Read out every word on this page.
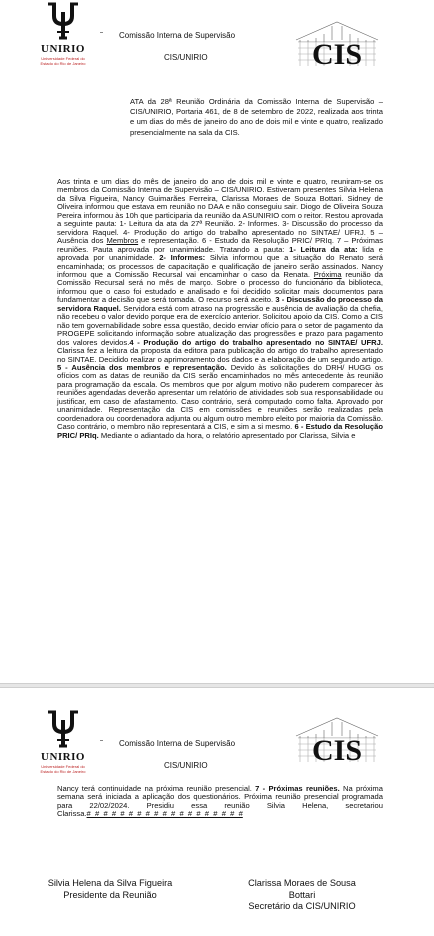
UNIRIO
Universidade Federal do
Estado do Rio de Janeiro
Comissão Interna de Supervisão
CIS/UNIRIO	CIS

ATA da 28ª Reunião Ordinária da Comissão Interna de Supervisão – CIS/UNIRIO, Portaria 461, de 8 de setembro de 2022, realizada aos trinta e um dias do mês de janeiro do ano de dois mil e vinte e quatro, realizado presencialmente na sala da CIS.

Aos trinta e um dias do mês de janeiro do ano de dois mil e vinte e quatro, reuniram-se os membros da Comissão Interna de Supervisão – CIS/UNIRIO. Estiveram presentes Silvia Helena da Silva Figueira, Nancy Guimarães Ferreira, Clarissa Moraes de Souza Bottari. Sidney de Oliveira informou que estava em reunião no DAA e não conseguiu sair. Diogo de Oliveira Souza Pereira informou às 10h que participaria da reunião da ASUNIRIO com o reitor. Restou aprovada a seguinte pauta: 1- Leitura da ata da 27ª Reunião. 2- Informes. 3- Discussão do processo da servidora Raquel. 4- Produção do artigo do trabalho apresentado no SINTAE/ UFRJ. 5 – Ausência dos Membros e representação. 6 - Estudo da Resolução PRIC/ PRIq. 7 – Próximas reuniões. Pauta aprovada por unanimidade. Tratando a pauta: 1- Leitura da ata: lida e aprovada por unanimidade. 2- Informes: Silvia informou que a situação do Renato será encaminhada; os processos de capacitação e qualificação de janeiro serão assinados. Nancy informou que a Comissão Recursal vai encaminhar o caso da Renata. Próxima reunião da Comissão Recursal será no mês de março. Sobre o processo do funcionário da biblioteca, informou que o caso foi estudado e analisado e foi decidido solicitar mais documentos para fundamentar a decisão que será tomada. O recurso será aceito. 3 - Discussão do processo da servidora Raquel. Servidora está com atraso na progressão e ausência de avaliação da chefia, não recebeu o valor devido porque era de exercício anterior. Solicitou apoio da CIS. Como a CIS não tem governabilidade sobre essa questão, decido enviar ofício para o setor de pagamento da PROGEPE solicitando informação sobre atualização das progressões e prazo para pagamento dos valores devidos.4 - Produção do artigo do trabalho apresentado no SINTAE/ UFRJ. Clarissa fez a leitura da proposta da editora para publicação do artigo do trabalho apresentado no SINTAE. Decidido realizar o aprimoramento dos dados e a elaboração de um segundo artigo. 5 - Ausência dos membros e representação. Devido às solicitações do DRH/ HUGG os ofícios com as datas de reunião da CIS serão encaminhados no mês antecedente às reunião para programação da escala. Os membros que por algum motivo não puderem comparecer às reuniões agendadas deverão apresentar um relatório de atividades sob sua responsabilidade ou justificar, em caso de afastamento. Caso contrário, será computado como falta. Aprovado por unanimidade. Representação da CIS em comissões e reuniões serão realizadas pela coordenadora ou coordenadora adjunta ou algum outro membro eleito por maioria da Comissão. Caso contrário, o membro não representará a CIS, e sim a si mesmo. 6 - Estudo da Resolução PRIC/ PRIq. Mediante o adiantado da hora, o relatório apresentado por Clarissa, Silvia e

UNIRIO
Universidade Federal do
Estado do Rio de Janeiro
Comissão Interna de Supervisão
CIS/UNIRIO	CIS

Nancy terá continuidade na próxima reunião presencial. 7 - Próximas reuniões. Na próxima semana será iniciada a aplicação dos questionários. Próxima reunião presencial programada para 22/02/2024. Presidiu essa reunião Silvia Helena, secretariou Clarissa.#_#_#_#_#_#_#_#_#_#_#_#_#_#_#_#_#_#_#

Silvia Helena da Silva Figueira
Presidente da Reunião
Clarissa Moraes de Sousa
Bottari
Secretário da CIS/UNIRIO
